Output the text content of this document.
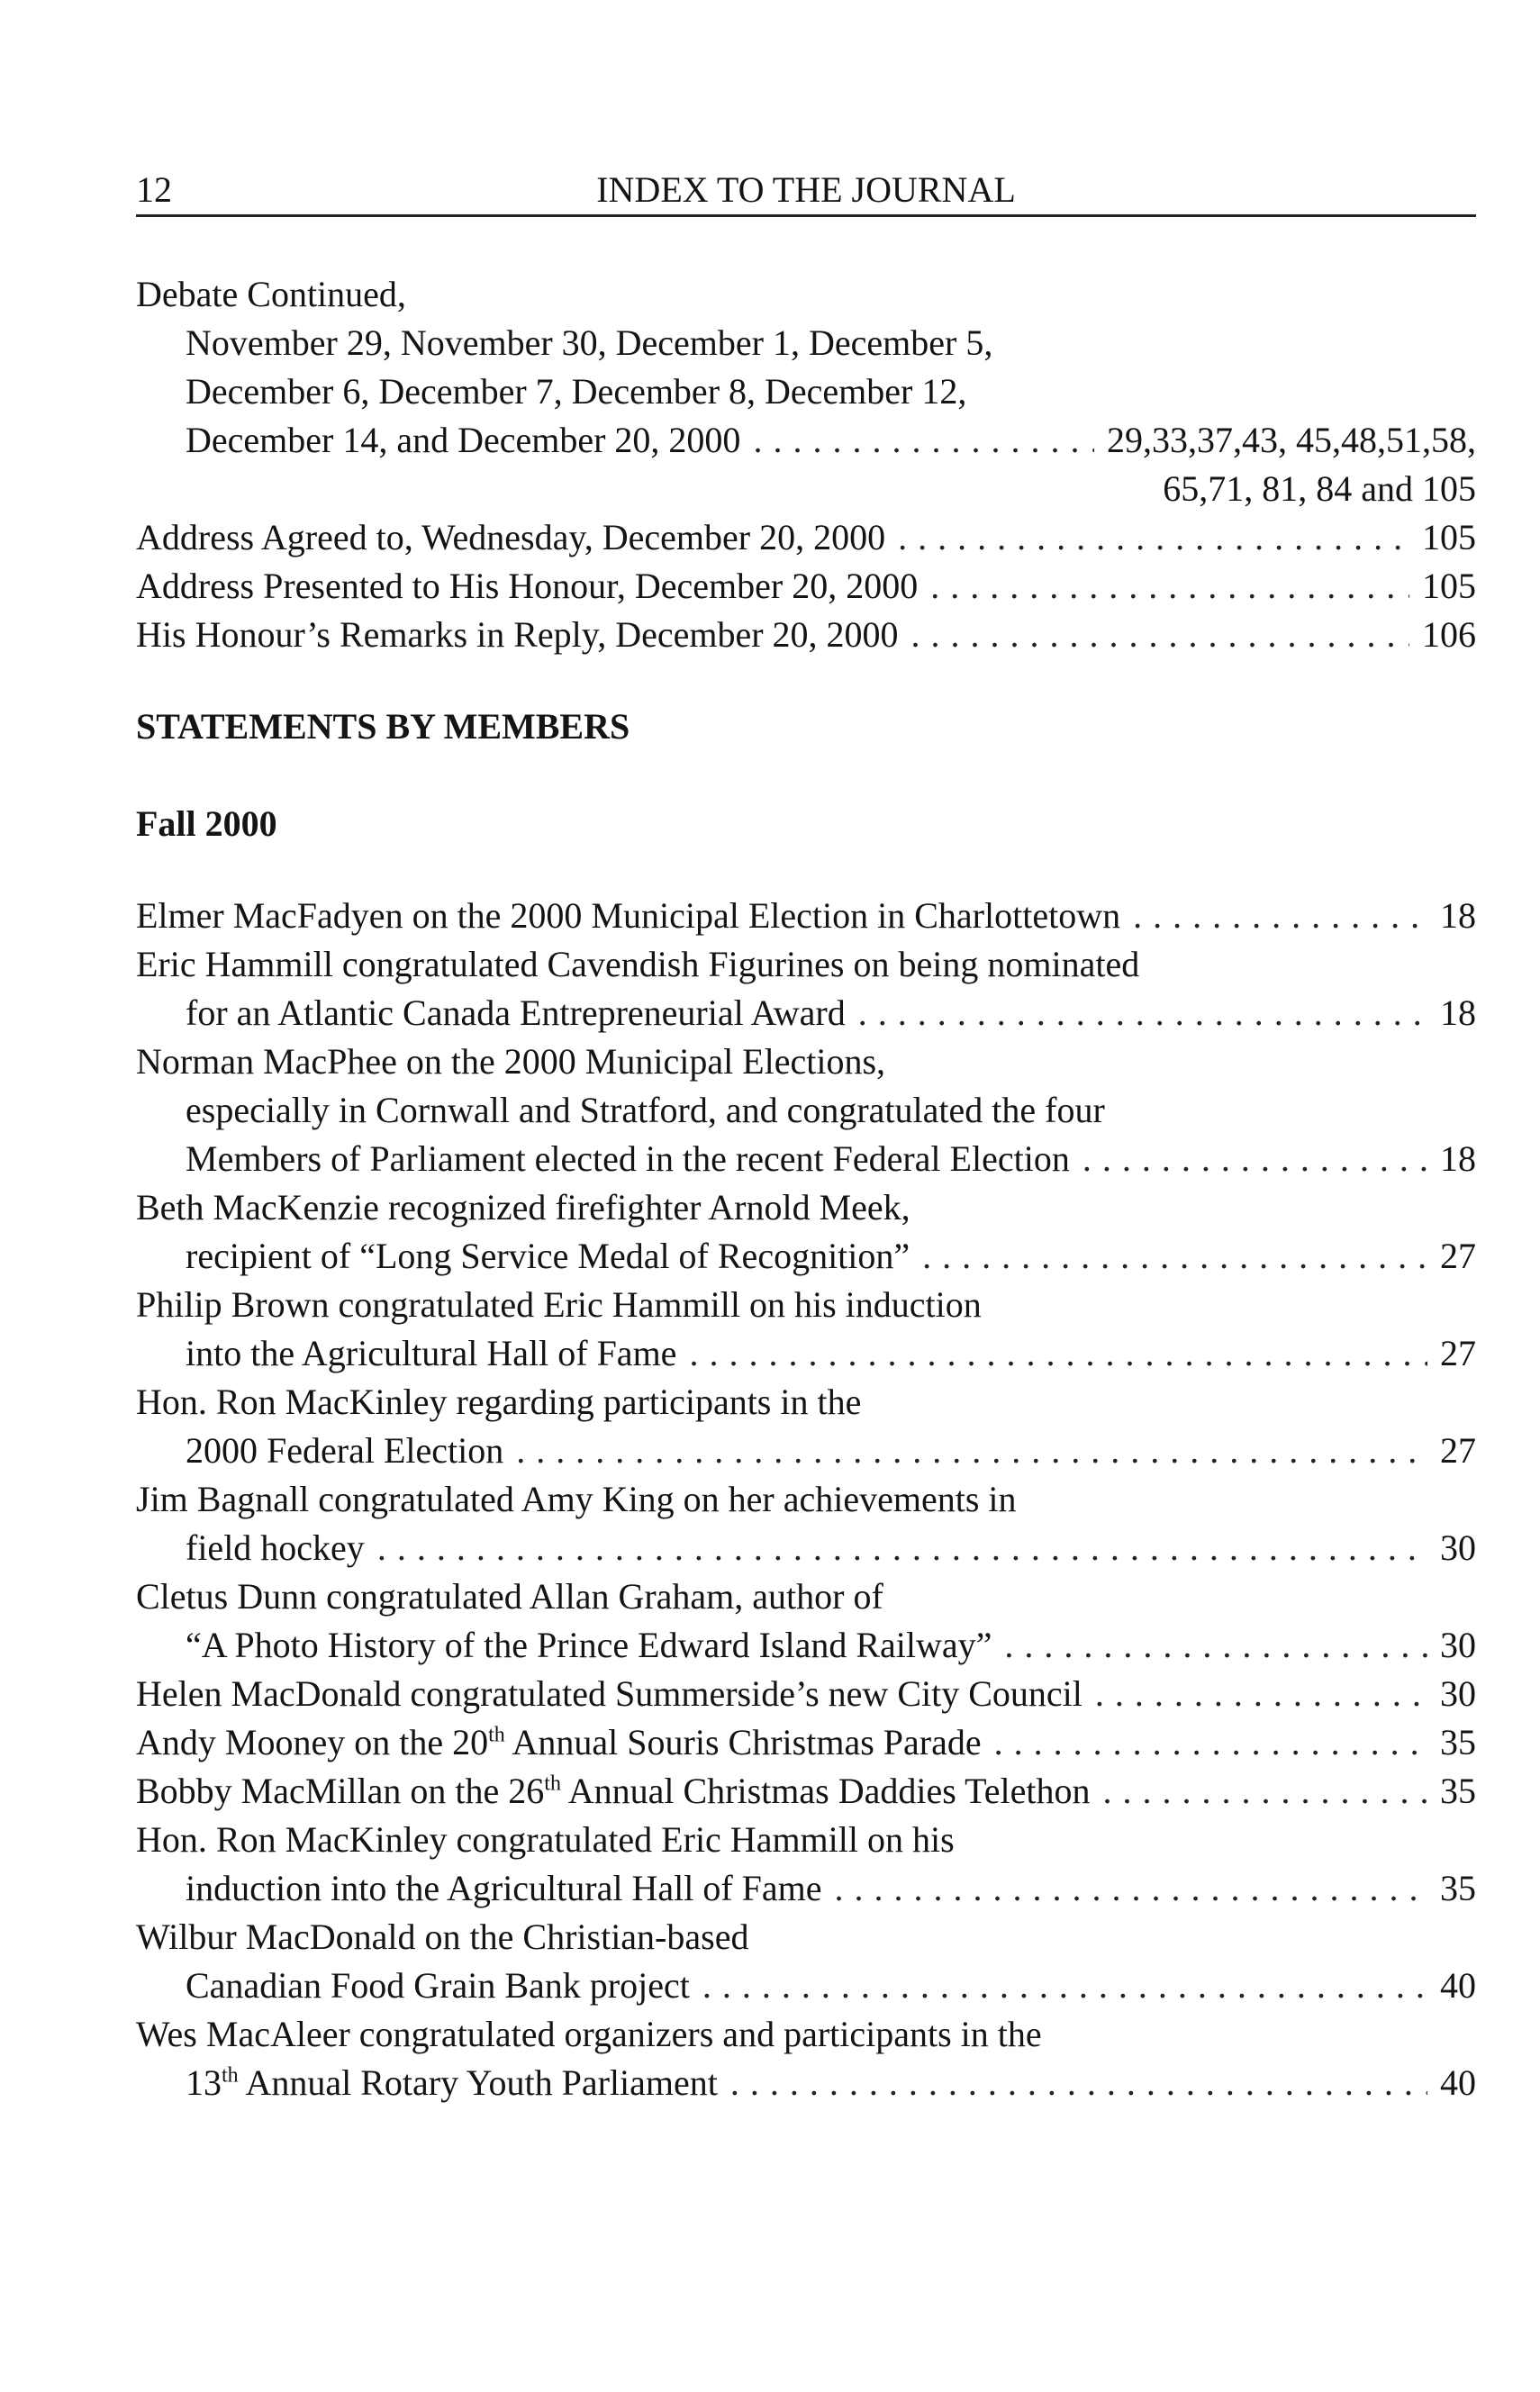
12	INDEX TO THE JOURNAL
Debate Continued,
November 29, November 30, December 1, December 5,
December 6, December 7, December 8, December 12,
December 14, and December 20, 2000 . . .	29,33,37,43, 45,48,51,58,
65,71, 81, 84 and 105
Address Agreed to, Wednesday, December 20, 2000 . . .	105
Address Presented to His Honour, December 20, 2000 . . .	105
His Honour’s Remarks in Reply, December 20, 2000 . . .	106
STATEMENTS BY MEMBERS
Fall 2000
Elmer MacFadyen on the 2000 Municipal Election in Charlottetown . . .	18
Eric Hammill congratulated Cavendish Figurines on being nominated
for an Atlantic Canada Entrepreneurial Award . . .	18
Norman MacPhee on the 2000 Municipal Elections,
especially in Cornwall and Stratford, and congratulated the four
Members of Parliament elected in the recent Federal Election . . .	18
Beth MacKenzie recognized firefighter Arnold Meek,
recipient of “Long Service Medal of Recognition” . . .	27
Philip Brown congratulated Eric Hammill on his induction
into the Agricultural Hall of Fame . . .	27
Hon. Ron MacKinley regarding participants in the
2000 Federal Election . . .	27
Jim Bagnall congratulated Amy King on her achievements in
field hockey . . .	30
Cletus Dunn congratulated Allan Graham, author of
“A Photo History of the Prince Edward Island Railway” . . .	30
Helen MacDonald congratulated Summerside’s new City Council . . .	30
Andy Mooney on the 20th Annual Souris Christmas Parade . . .	35
Bobby MacMillan on the 26th Annual Christmas Daddies Telethon . . .	35
Hon. Ron MacKinley congratulated Eric Hammill on his
induction into the Agricultural Hall of Fame . . .	35
Wilbur MacDonald on the Christian-based
Canadian Food Grain Bank project . . .	40
Wes MacAleer congratulated organizers and participants in the
13th Annual Rotary Youth Parliament . . .	40
